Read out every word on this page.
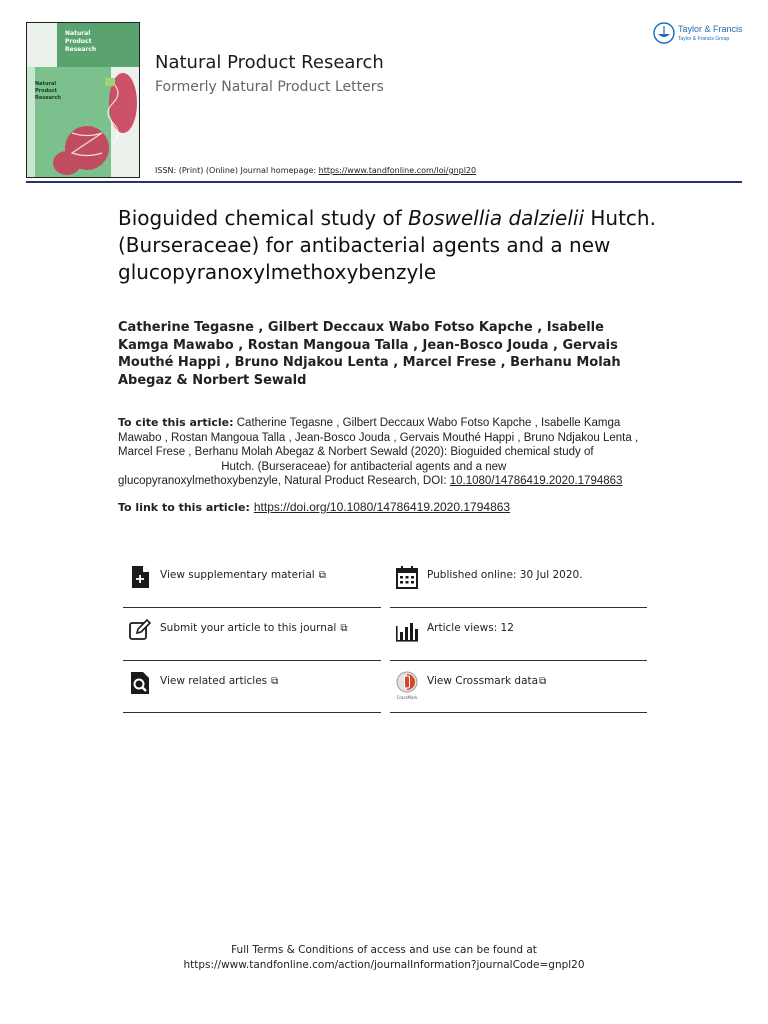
Natural
Product
Research
Natural
Product
Research
Natural Product Research
Formerly Natural Product Letters
ISSN: (Print) (Online) Journal homepage: https://www.tandfonline.com/loi/gnpl20
Taylor & Francis
Taylor & Francis Group
Bioguided chemical study of Boswellia dalzielii Hutch. (Burseraceae) for antibacterial agents and a new glucopyranoxylmethoxybenzyle
Catherine Tegasne , Gilbert Deccaux Wabo Fotso Kapche , Isabelle Kamga Mawabo , Rostan Mangoua Talla , Jean-Bosco Jouda , Gervais Mouthé Happi , Bruno Ndjakou Lenta , Marcel Frese , Berhanu Molah Abegaz & Norbert Sewald
To cite this article: Catherine Tegasne , Gilbert Deccaux Wabo Fotso Kapche , Isabelle Kamga Mawabo , Rostan Mangoua Talla , Jean-Bosco Jouda , Gervais Mouthé Happi , Bruno Ndjakou Lenta , Marcel Frese , Berhanu Molah Abegaz & Norbert Sewald (2020): Bioguided chemical study of  Hutch. (Burseraceae) for antibacterial agents and a new glucopyranoxylmethoxybenzyle, Natural Product Research, DOI: 10.1080/14786419.2020.1794863
To link to this article: https://doi.org/10.1080/14786419.2020.1794863
View supplementary material ⧉	Published online: 30 Jul 2020.
Submit your article to this journal ⧉	Article views: 12
View related articles ⧉
CrossMark
View Crossmark data⧉
Full Terms & Conditions of access and use can be found at
https://www.tandfonline.com/action/journalInformation?journalCode=gnpl20
